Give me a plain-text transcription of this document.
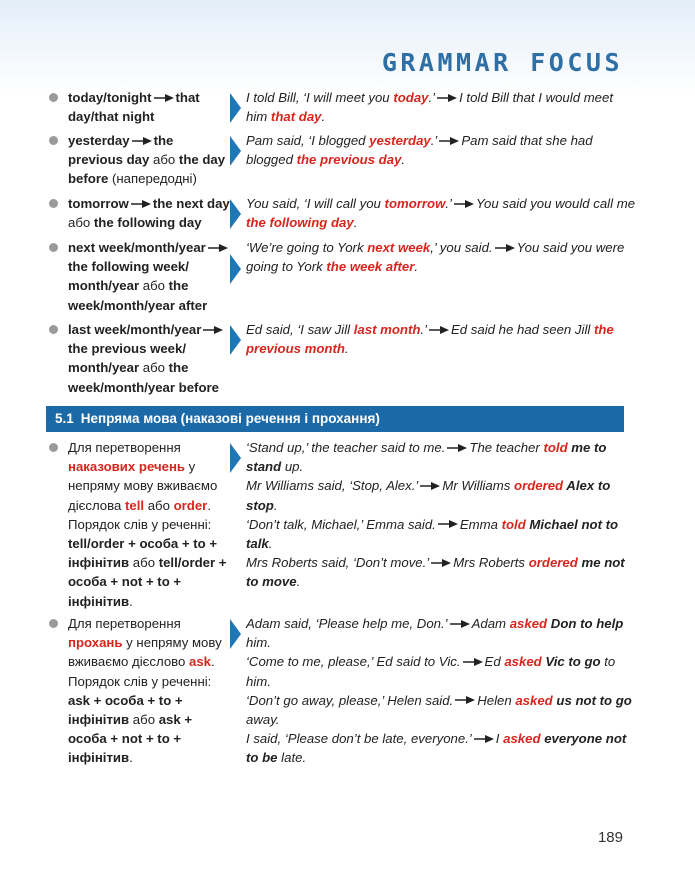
GRAMMAR FOCUS
today/tonight that day/that night
I told Bill, ‘I will meet you today.’ I told Bill that I would meet him that day.
yesterday the previous day або the day before (напередодні)
Pam said, ‘I blogged yesterday.’ Pam said that she had blogged the previous day.
tomorrow the next day або the following day
You said, ‘I will call you tomorrow.’ You said you would call me the following day.
next week/month/yearthe following week/ month/year або the week/month/year after
‘We’re going to York next week,’ you said. You said you were going to York the week after.
last week/month/yearthe previous week/ month/year або the week/month/year before
Ed said, ‘I saw Jill last month.’ Ed said he had seen Jill the previous month.
5.1 Непряма мова (наказові речення і прохання)
Для перетворення наказових речень у непряму мову вживаємо дієслова tell або order. Порядок слів у реченні: tell/order + особа + to + інфінітив або tell/order + особа + not + to + інфінітив.
‘Stand up,’ the teacher said to me. The teacher told me to stand up.
Mr Williams said, ‘Stop, Alex.’ Mr Williams ordered Alex to stop.
‘Don’t talk, Michael,’ Emma said. Emma told Michael not to talk.
Mrs Roberts said, ‘Don’t move.’ Mrs Roberts ordered me not to move.
Для перетворення прохань у непряму мову вживаємо дієслово ask. Порядок слів у реченні: ask + особа + to + інфінітив або ask + особа + not + to + інфінітив.
Adam said, ‘Please help me, Don.’ Adam asked Don to help him.
‘Come to me, please,’ Ed said to Vic. Ed asked Vic to go to him.
‘Don’t go away, please,’ Helen said. Helen asked us not to go away.
I said, ‘Please don’t be late, everyone.’ I asked everyone not to be late.
189
